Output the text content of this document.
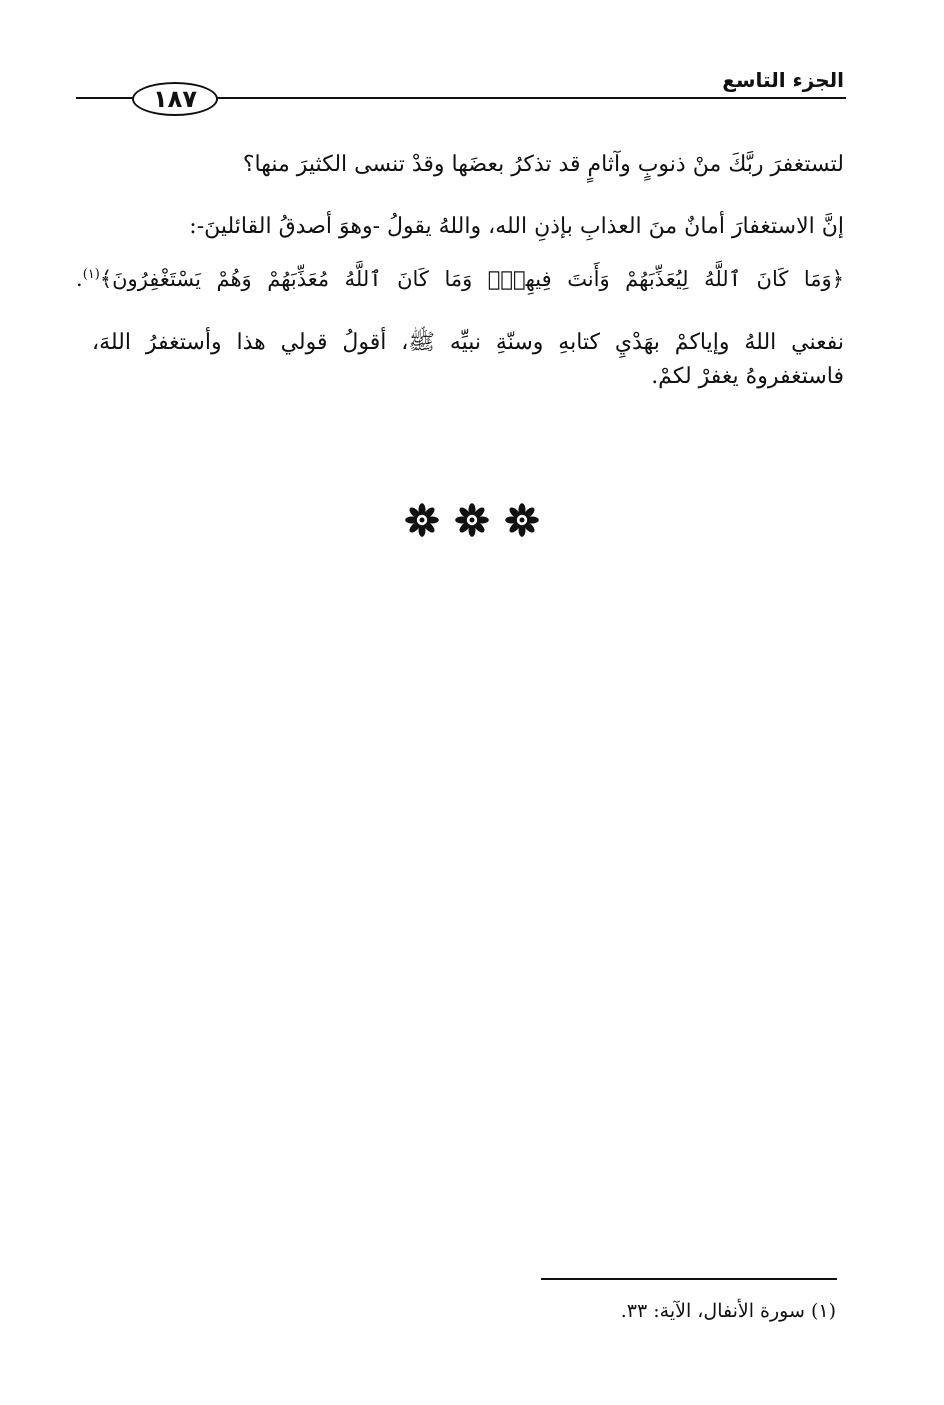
الجزء التاسع
١٨٧
لتستغفرَ ربَّكَ منْ ذنوبٍ وآثامٍ قد تذكرُ بعضَها وقدْ تنسى الكثيرَ منها؟
إنَّ الاستغفارَ أمانٌ منَ العذابِ بإذنِ الله، واللهُ يقولُ -وهوَ أصدقُ القائلينَ-:
﴿وَمَا كَانَ ٱللَّهُ لِيُعَذِّبَهُمْ وَأَنتَ فِيهِمْۚ وَمَا كَانَ ٱللَّهُ مُعَذِّبَهُمْ وَهُمْ يَسْتَغْفِرُونَ﴾$^{(١)}$.
نفعني اللهُ وإياكمْ بهَدْيِ كتابهِ وسنّةِ نبيِّه ﷺ، أقولُ قولي هذا وأستغفرُ اللهَ، فاستغفروهُ يغفرْ لكمْ.
(١) سورة الأنفال، الآية: ٣٣.
